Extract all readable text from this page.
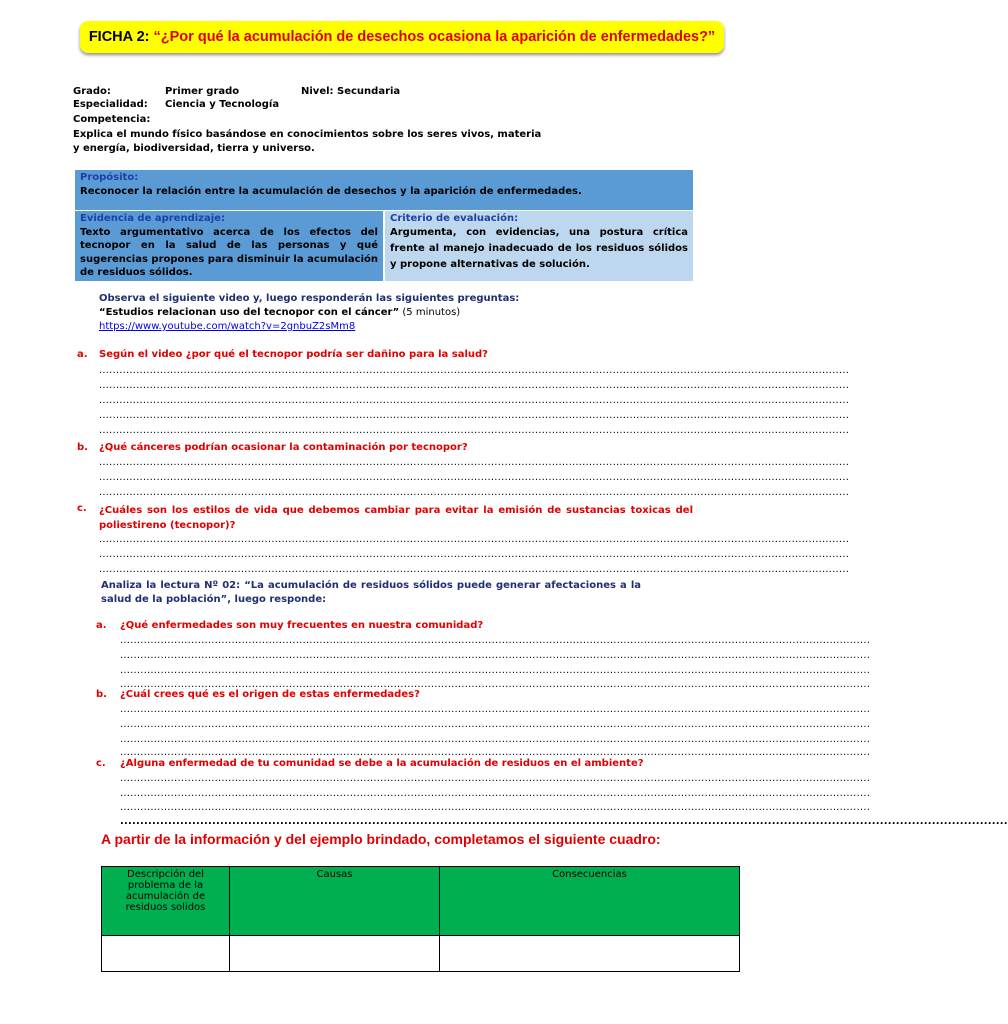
FICHA 2: “¿Por qué la acumulación de desechos ocasiona la aparición de enfermedades?”
Grado:	Primer grado	Nivel: Secundaria
Especialidad: Ciencia y Tecnología
Competencia:
Explica el mundo físico basándose en conocimientos sobre los seres vivos, materia
y energía, biodiversidad, tierra y universo.
Propósito:
Reconocer la relación entre la acumulación de desechos y la aparición de enfermedades.
Evidencia de aprendizaje:
Texto argumentativo acerca de los efectos del tecnopor en la salud de las personas y qué sugerencias propones para disminuir la acumulación de residuos sólidos.
Criterio de evaluación:
Argumenta, con evidencias, una postura crítica frente al manejo inadecuado de los residuos sólidos y propone alternativas de solución.
Observa el siguiente video y, luego responderán las siguientes preguntas:
“Estudios relacionan uso del tecnopor con el cáncer” (5 minutos)
https://www.youtube.com/watch?v=2gnbuZ2sMm8
a. Según el video ¿por qué el tecnopor podría ser dañino para la salud?
..............................................................................................................................................................................................................................
..............................................................................................................................................................................................................................
..............................................................................................................................................................................................................................
..............................................................................................................................................................................................................................
..............................................................................................................................................................................................................................
b. ¿Qué cánceres podrían ocasionar la contaminación por tecnopor?
..............................................................................................................................................................................................................................
..............................................................................................................................................................................................................................
..............................................................................................................................................................................................................................
c. ¿Cuáles son los estilos de vida que debemos cambiar para evitar la emisión de sustancias toxicas del poliestireno (tecnopor)?
..............................................................................................................................................................................................................................
..............................................................................................................................................................................................................................
..............................................................................................................................................................................................................................
Analiza la lectura Nº 02: “La acumulación de residuos sólidos puede generar afectaciones a la salud de la población”, luego responde:
a. ¿Qué enfermedades son muy frecuentes en nuestra comunidad?
..............................................................................................................................................................................................................................
..............................................................................................................................................................................................................................
..............................................................................................................................................................................................................................
..............................................................................................................................................................................................................................
b. ¿Cuál crees qué es el origen de estas enfermedades?
..............................................................................................................................................................................................................................
..............................................................................................................................................................................................................................
..............................................................................................................................................................................................................................
..............................................................................................................................................................................................................................
c. ¿Alguna enfermedad de tu comunidad se debe a la acumulación de residuos en el ambiente?
..............................................................................................................................................................................................................................
..............................................................................................................................................................................................................................
..............................................................................................................................................................................................................................
..............................................................................................................................................................................................................................
A partir de la información y del ejemplo brindado, completamos el siguiente cuadro:
Descripción del problema de la acumulación de residuos solidos	Causas	Consecuencias
